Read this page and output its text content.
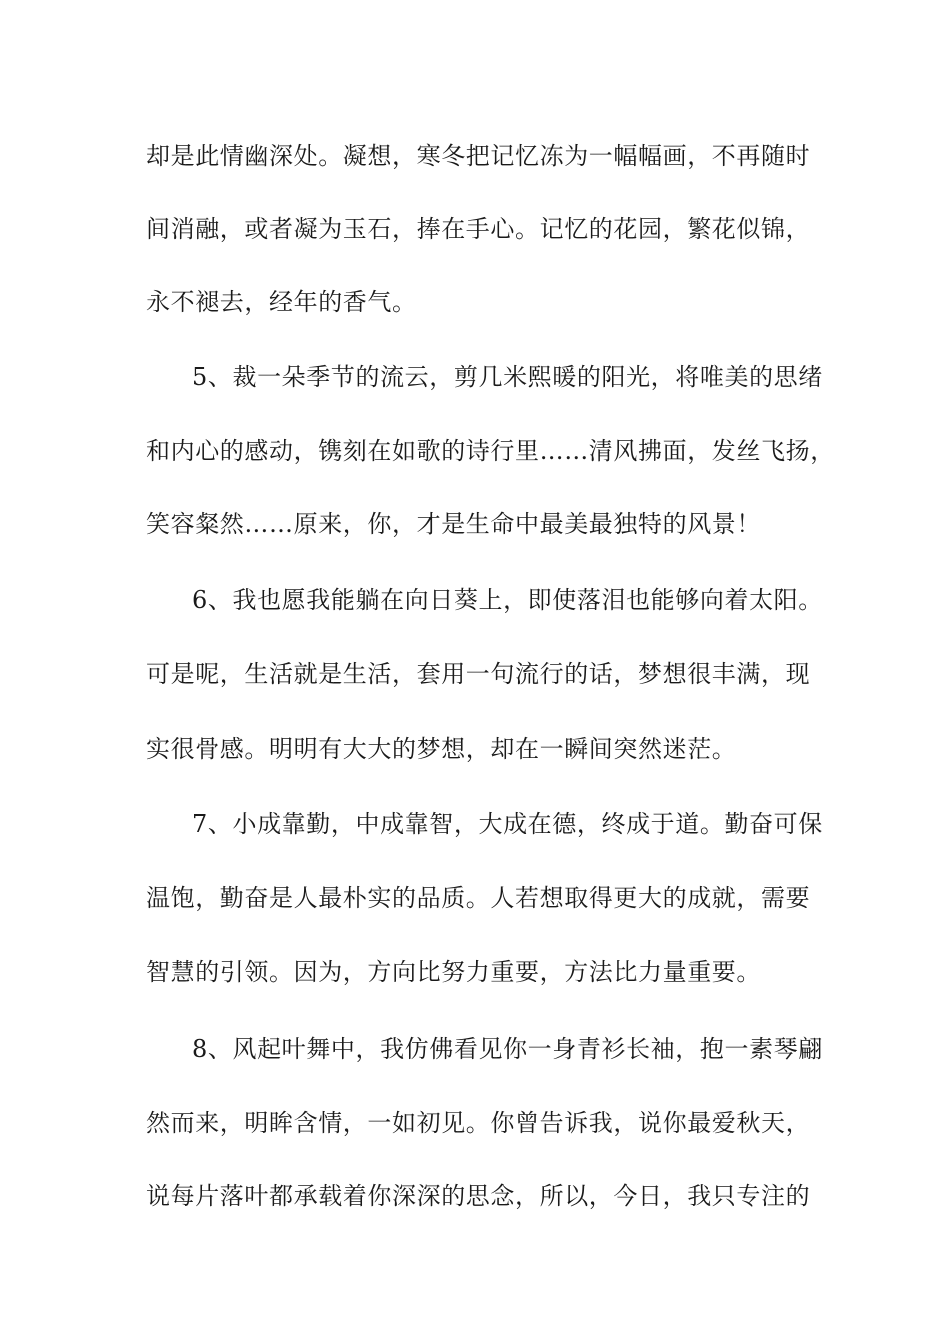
却是此情幽深处。凝想，寒冬把记忆冻为一幅幅画，不再随时
间消融，或者凝为玉石，捧在手心。记忆的花园，繁花似锦，
永不褪去，经年的香气。
5、裁一朵季节的流云，剪几米熙暖的阳光，将唯美的思绪
和内心的感动，镌刻在如歌的诗行里……清风拂面，发丝飞扬，
笑容粲然……原来，你，才是生命中最美最独特的风景！
6、我也愿我能躺在向日葵上，即使落泪也能够向着太阳。
可是呢，生活就是生活，套用一句流行的话，梦想很丰满，现
实很骨感。明明有大大的梦想，却在一瞬间突然迷茫。
7、小成靠勤，中成靠智，大成在德，终成于道。勤奋可保
温饱，勤奋是人最朴实的品质。人若想取得更大的成就，需要
智慧的引领。因为，方向比努力重要，方法比力量重要。
8、风起叶舞中，我仿佛看见你一身青衫长袖，抱一素琴翩
然而来，明眸含情，一如初见。你曾告诉我，说你最爱秋天，
说每片落叶都承载着你深深的思念，所以，今日，我只专注的
